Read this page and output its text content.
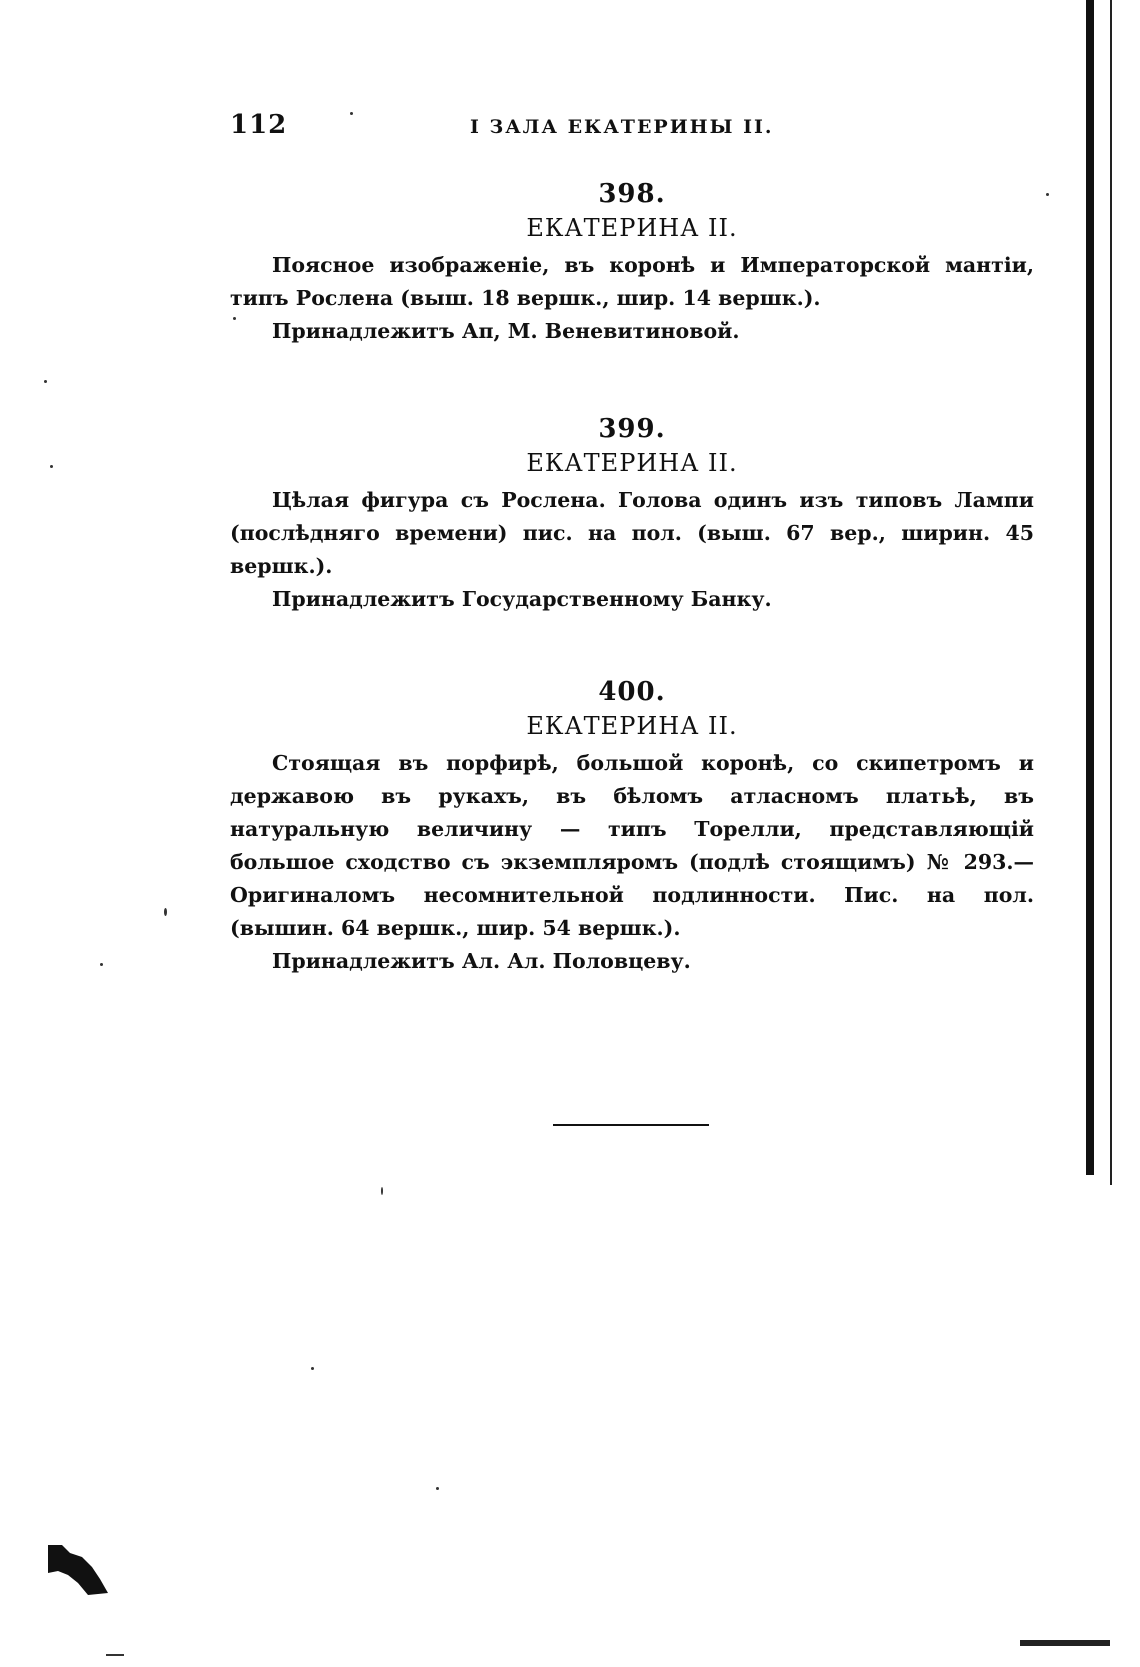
112	I ЗАЛА ЕКАТЕРИНЫ II.
398.
ЕКАТЕРИНА II.

Поясное изображеніе, въ коронѣ и Императорской мантіи, типъ Рослена (выш. 18 вершк., шир. 14 вершк.).

Принадлежитъ Ап, М. Веневитиновой.

399.
ЕКАТЕРИНА II.

Цѣлая фигура съ Рослена. Голова одинъ изъ типовъ Лампи (послѣдняго времени) пис. на пол. (выш. 67 вер., ширин. 45 вершк.).

Принадлежитъ Государственному Банку.

400.
ЕКАТЕРИНА II.

Стоящая въ порфирѣ, большой коронѣ, со скипетромъ и державою въ рукахъ, въ бѣломъ атласномъ платьѣ, въ натуральную величину — типъ Торелли, представляющій большое сходство съ экземпляромъ (подлѣ стоящимъ) № 293.—Оригиналомъ несомнительной подлинности. Пис. на пол. (вышин. 64 вершк., шир. 54 вершк.).

Принадлежитъ Ал. Ал. Половцеву.
